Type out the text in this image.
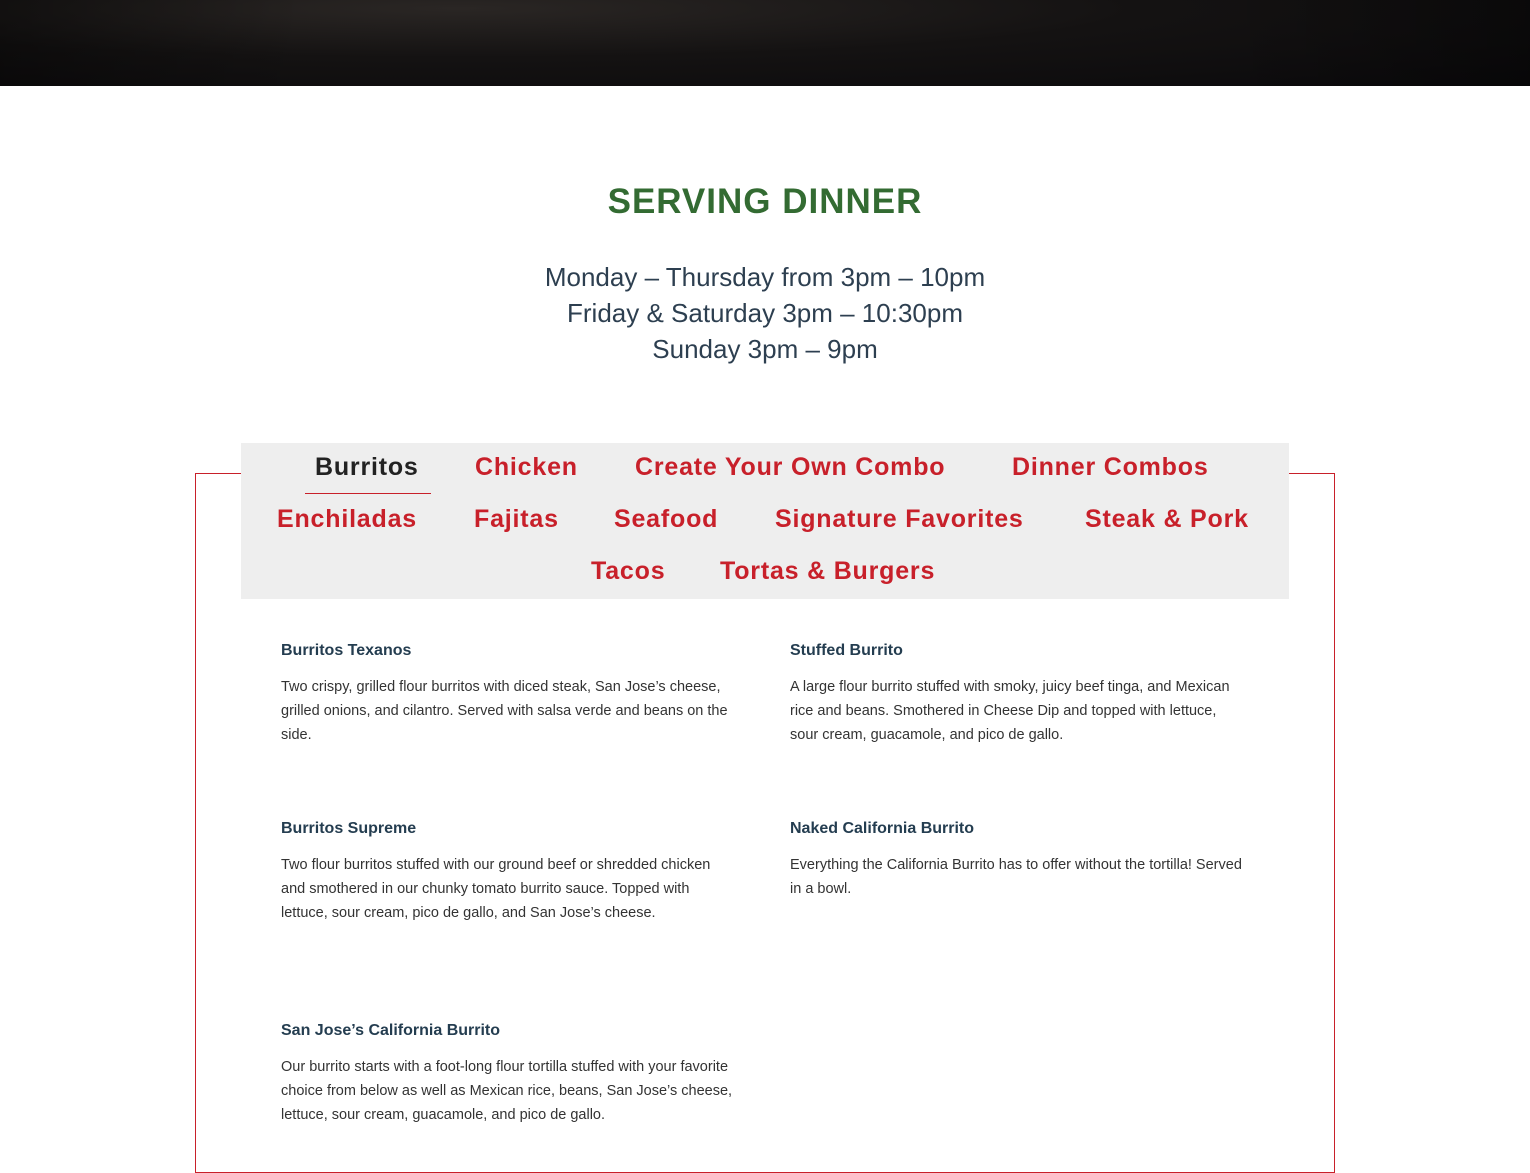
SERVING DINNER
Monday – Thursday from 3pm – 10pm
Friday & Saturday 3pm – 10:30pm
Sunday 3pm – 9pm
Burritos Chicken Create Your Own Combo	Dinner Combos
Enchiladas Fajitas Seafood Signature Favorites Steak & Pork
Tacos Tortas & Burgers
Burritos Texanos
Two crispy, grilled flour burritos with diced steak, San Jose’s cheese, grilled onions, and cilantro. Served with salsa verde and beans on the side.
Stuffed Burrito
A large flour burrito stuffed with smoky, juicy beef tinga, and Mexican rice and beans. Smothered in Cheese Dip and topped with lettuce, sour cream, guacamole, and pico de gallo.
Burritos Supreme
Two flour burritos stuffed with our ground beef or shredded chicken and smothered in our chunky tomato burrito sauce. Topped with lettuce, sour cream, pico de gallo, and San Jose’s cheese.
Naked California Burrito
Everything the California Burrito has to offer without the tortilla! Served in a bowl.
San Jose’s California Burrito
Our burrito starts with a foot-long flour tortilla stuffed with your favorite choice from below as well as Mexican rice, beans, San Jose’s cheese, lettuce, sour cream, guacamole, and pico de gallo.
